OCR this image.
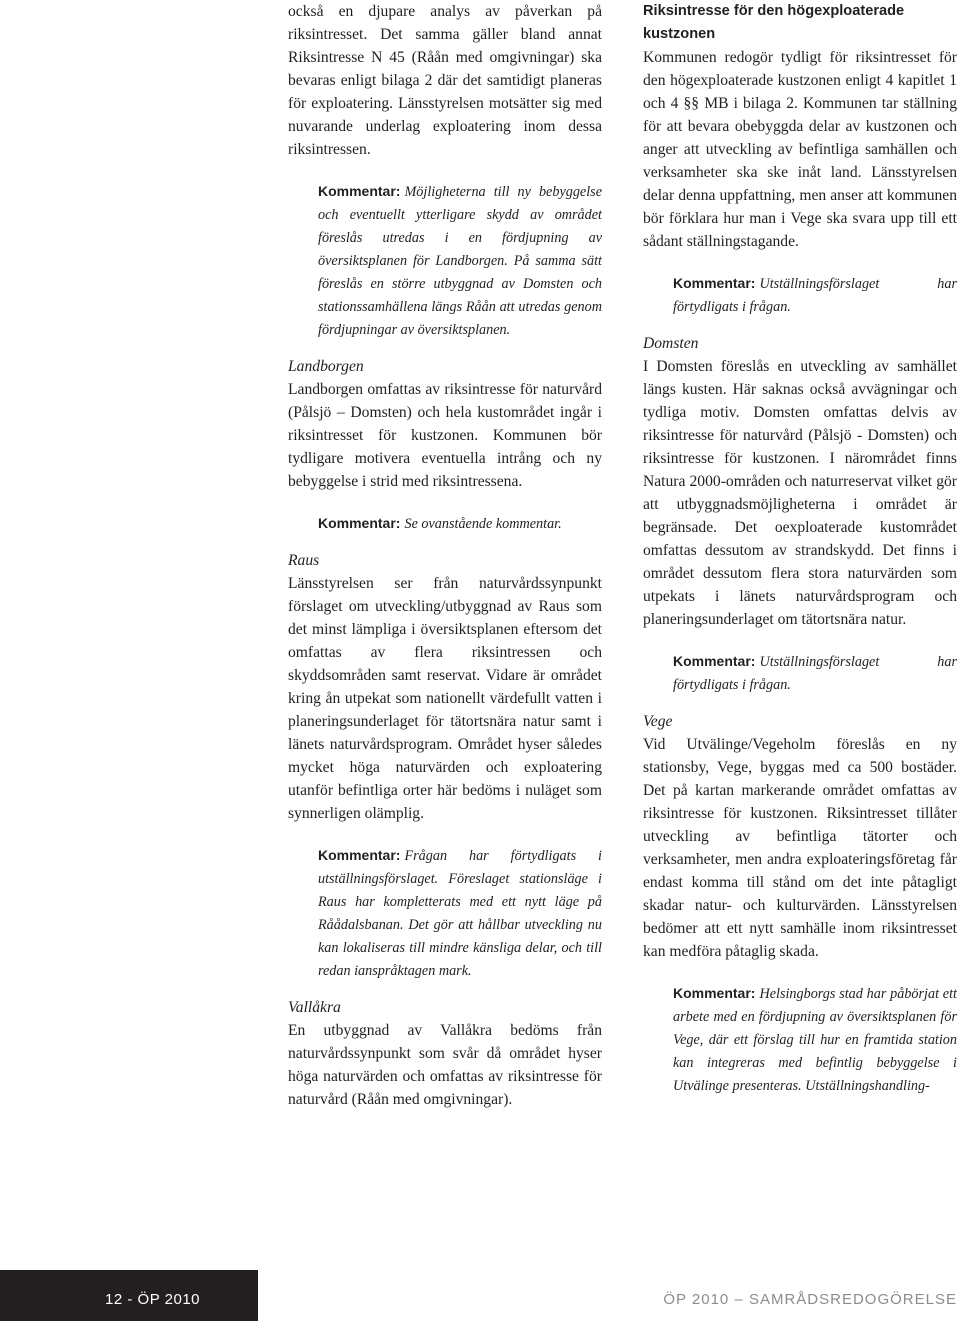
också en djupare analys av påverkan på riksintresset. Det samma gäller bland annat Riksintresse N 45 (Råån med omgivningar) ska bevaras enligt bilaga 2 där det samtidigt planeras för exploatering. Länsstyrelsen motsätter sig med nuvarande underlag exploatering inom dessa riksintressen.

Kommentar: Möjligheterna till ny bebyggelse och eventuellt ytterligare skydd av området föreslås utredas i en fördjupning av översiktsplanen för Landborgen. På samma sätt föreslås en större utbyggnad av Domsten och stationssamhällena längs Råån att utredas genom fördjupningar av översiktsplanen.

Landborgen

Landborgen omfattas av riksintresse för naturvård (Pålsjö – Domsten) och hela kustområdet ingår i riksintresset för kustzonen. Kommunen bör tydligare motivera eventuella intrång och ny bebyggelse i strid med riksintressena.

Kommentar: Se ovanstående kommentar.

Raus

Länsstyrelsen ser från naturvårdssynpunkt förslaget om utveckling/utbyggnad av Raus som det minst lämpliga i översiktsplanen eftersom det omfattas av flera riksintressen och skyddsområden samt reservat. Vidare är området kring ån utpekat som nationellt värdefullt vatten i planeringsunderlaget för tätortsnära natur samt i länets naturvårdsprogram. Området hyser således mycket höga naturvärden och exploatering utanför befintliga orter här bedöms i nuläget som synnerligen olämplig.

Kommentar: Frågan har förtydligats i utställningsförslaget. Föreslaget stationsläge i Raus har kompletterats med ett nytt läge på Råådalsbanan. Det gör att hållbar utveckling nu kan lokaliseras till mindre känsliga delar, och till redan ianspråktagen mark.

Vallåkra

En utbyggnad av Vallåkra bedöms från naturvårdssynpunkt som svår då området hyser höga naturvärden och omfattas av riksintresse för naturvård (Råån med omgivningar).

Riksintresse för den högexploaterade kustzonen

Kommunen redogör tydligt för riksintresset för den högexploaterade kustzonen enligt 4 kapitlet 1 och 4 §§ MB i bilaga 2. Kommunen tar ställning för att bevara obebyggda delar av kustzonen och anger att utveckling av befintliga samhällen och verksamheter ska ske inåt land. Länsstyrelsen delar denna uppfattning, men anser att kommunen bör förklara hur man i Vege ska svara upp till ett sådant ställningstagande.

Kommentar: Utställningsförslaget har förtydligats i frågan.

Domsten

I Domsten föreslås en utveckling av samhället längs kusten. Här saknas också avvägningar och tydliga motiv. Domsten omfattas delvis av riksintresse för naturvård (Pålsjö - Domsten) och riksintresse för kustzonen. I närområdet finns Natura 2000-områden och naturreservat vilket gör att utbyggnadsmöjligheterna i området är begränsade. Det oexploaterade kustområdet omfattas dessutom av strandskydd. Det finns i området dessutom flera stora naturvärden som utpekats i länets naturvårdsprogram och planeringsunderlaget om tätortsnära natur.

Kommentar: Utställningsförslaget har förtydligats i frågan.

Vege

Vid Utvälinge/Vegeholm föreslås en ny stationsby, Vege, byggas med ca 500 bostäder. Det på kartan markerande området omfattas av riksintresse för kustzonen. Riksintresset tillåter utveckling av befintliga tätorter och verksamheter, men andra exploateringsföretag får endast komma till stånd om det inte påtagligt skadar natur- och kulturvärden. Länsstyrelsen bedömer att ett nytt samhälle inom riksintresset kan medföra påtaglig skada.

Kommentar: Helsingborgs stad har påbörjat ett arbete med en fördjupning av översiktsplanen för Vege, där ett förslag till hur en framtida station kan integreras med befintlig bebyggelse i Utvälinge presenteras. Utställningshandling-

12 - ÖP 2010	ÖP 2010 – SAMRÅDSREDOGÖRELSE
